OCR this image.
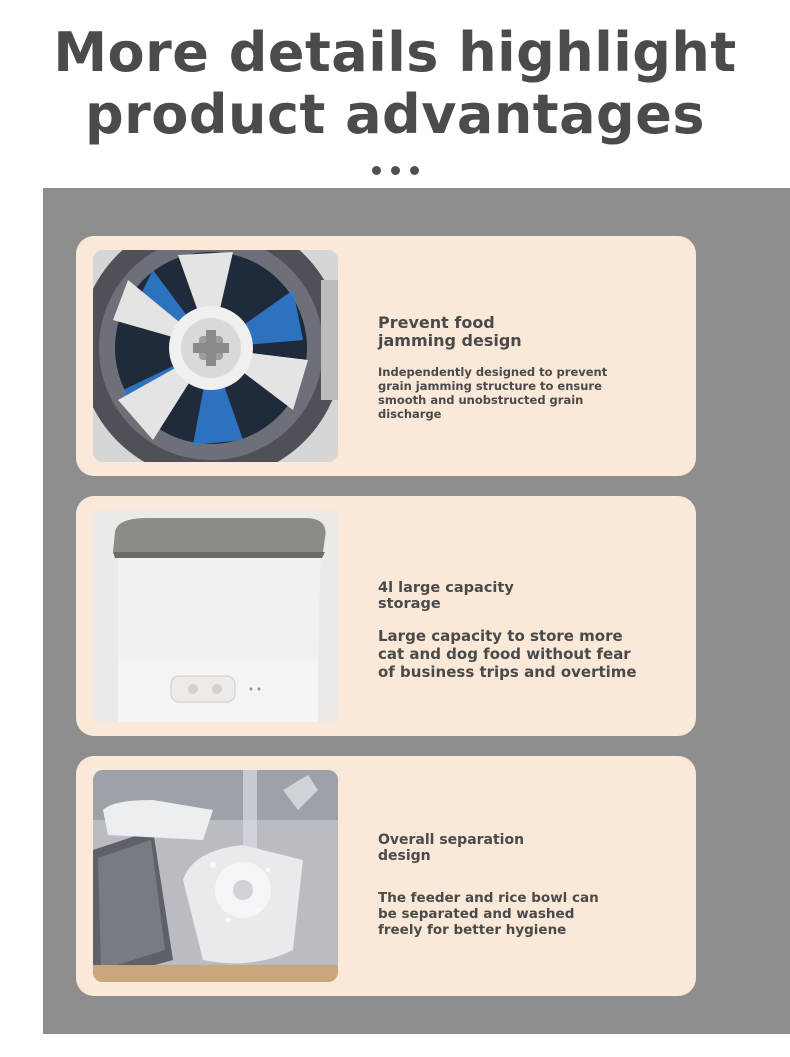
More details highlight
product advantages
Prevent food
jamming design
Independently designed to prevent grain jamming structure to ensure smooth and unobstructed grain discharge
4l large capacity
storage
Large capacity to store more cat and dog food without fear of business trips and overtime
Overall separation
design
The feeder and rice bowl can be separated and washed freely for better hygiene
